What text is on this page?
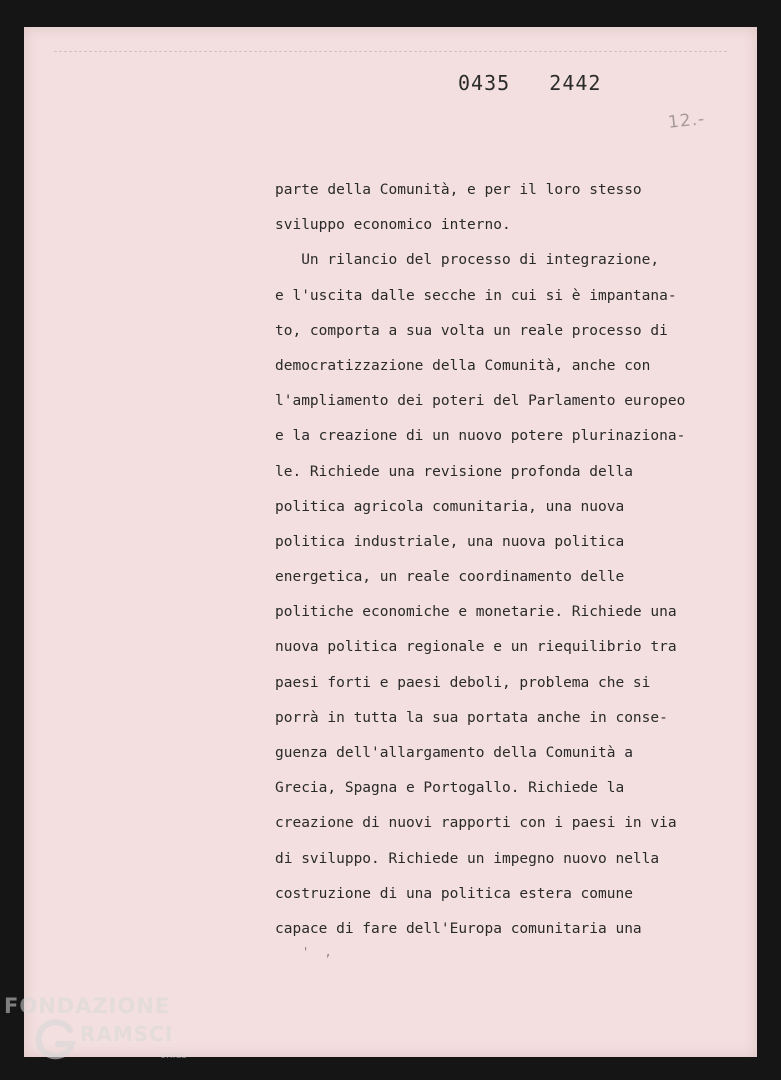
0435   2442
12.-
parte della Comunità, e per il loro stesso
sviluppo economico interno.
Un rilancio del processo di integrazione,
e l'uscita dalle secche in cui si è impantana-
to, comporta a sua volta un reale processo di
democratizzazione della Comunità, anche con
l'ampliamento dei poteri del Parlamento europeo
e la creazione di un nuovo potere plurinaziona-
le. Richiede una revisione profonda della
politica agricola comunitaria, una nuova
politica industriale, una nuova politica
energetica, un reale coordinamento delle
politiche economiche e monetarie. Richiede una
nuova politica regionale e un riequilibrio tra
paesi forti e paesi deboli, problema che si
porrà in tutta la sua portata anche in conse-
guenza dell'allargamento della Comunità a
Grecia, Spagna e Portogallo. Richiede la
creazione di nuovi rapporti con i paesi in via
di sviluppo. Richiede un impegno nuovo nella
costruzione di una politica estera comune
capace di fare dell'Europa comunitaria una
' ,
FONDAZIONE
RAMSCI
onlus
